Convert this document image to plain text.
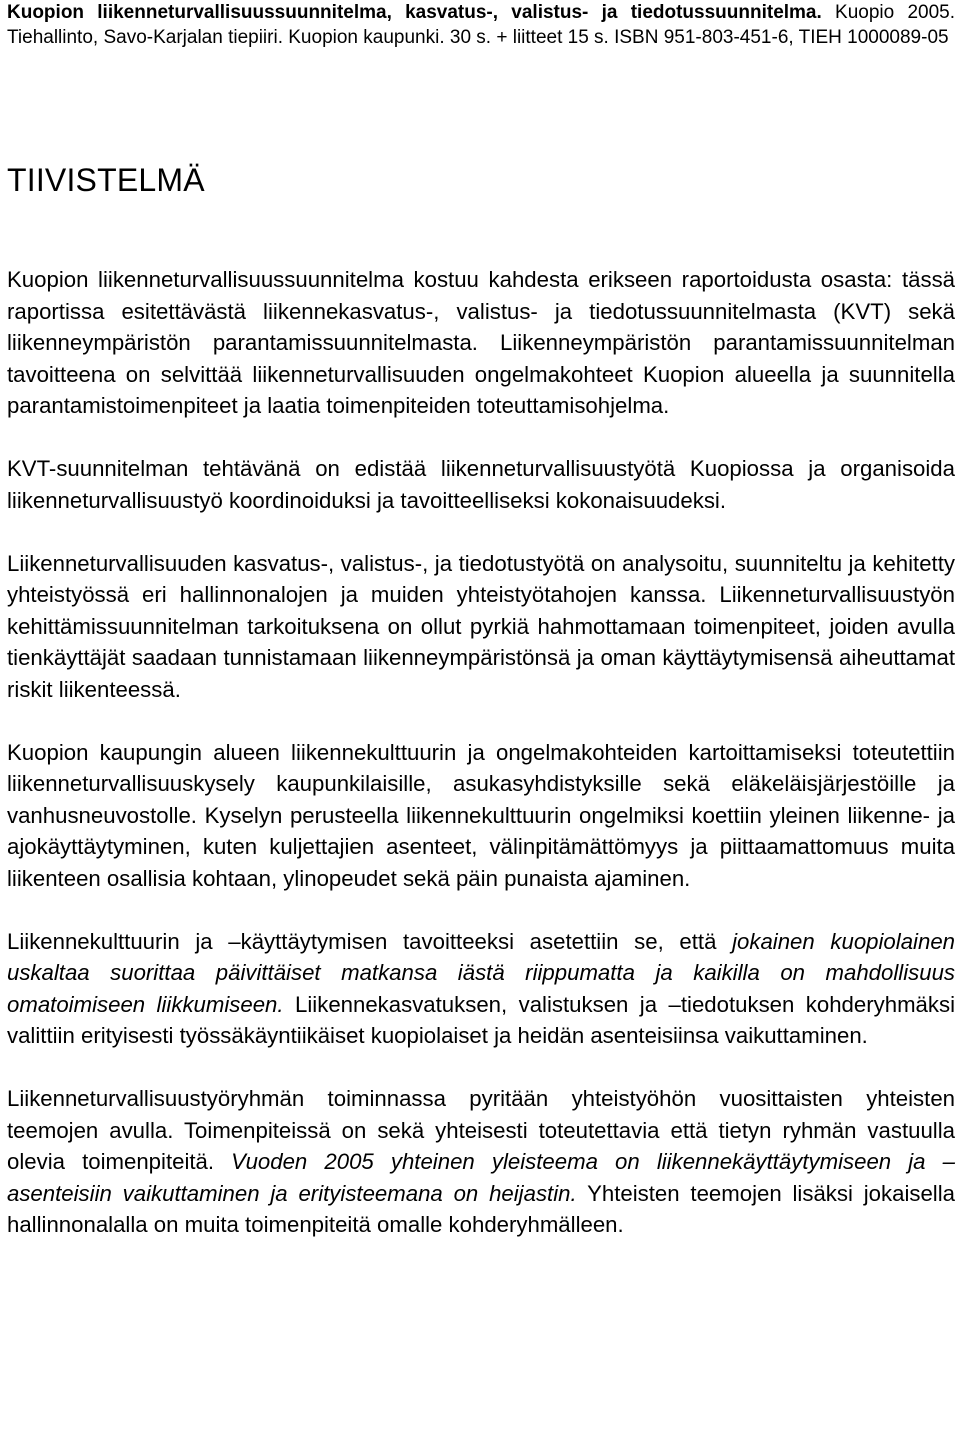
Kuopion liikenneturvallisuussuunnitelma, kasvatus-, valistus- ja tiedotussuunnitelma. Kuopio 2005. Tiehallinto, Savo-Karjalan tiepiiri. Kuopion kaupunki. 30 s. + liitteet 15 s. ISBN 951-803-451-6, TIEH 1000089-05
TIIVISTELMÄ

Kuopion liikenneturvallisuussuunnitelma kostuu kahdesta erikseen raportoidusta osasta: tässä raportissa esitettävästä liikennekasvatus-, valistus- ja tiedotussuunnitelmasta (KVT) sekä liikenneympäristön parantamissuunnitelmasta. Liikenneympäristön parantamissuunnitelman tavoitteena on selvittää liikenneturvallisuuden ongelmakohteet Kuopion alueella ja suunnitella parantamistoimenpiteet ja laatia toimenpiteiden toteuttamisohjelma.

KVT-suunnitelman tehtävänä on edistää liikenneturvallisuustyötä Kuopiossa ja organisoida liikenneturvallisuustyö koordinoiduksi ja tavoitteelliseksi kokonaisuudeksi.

Liikenneturvallisuuden kasvatus-, valistus-, ja tiedotustyötä on analysoitu, suunniteltu ja kehitetty yhteistyössä eri hallinnonalojen ja muiden yhteistyötahojen kanssa. Liikenneturvallisuustyön kehittämissuunnitelman tarkoituksena on ollut pyrkiä hahmottamaan toimenpiteet, joiden avulla tienkäyttäjät saadaan tunnistamaan liikenneympäristönsä ja oman käyttäytymisensä aiheuttamat riskit liikenteessä.

Kuopion kaupungin alueen liikennekulttuurin ja ongelmakohteiden kartoittamiseksi toteutettiin liikenneturvallisuuskysely kaupunkilaisille, asukasyhdistyksille sekä eläkeläisjärjestöille ja vanhusneuvostolle. Kyselyn perusteella liikennekulttuurin ongelmiksi koettiin yleinen liikenne- ja ajokäyttäytyminen, kuten kuljettajien asenteet, välinpitämättömyys ja piittaamattomuus muita liikenteen osallisia kohtaan, ylinopeudet sekä päin punaista ajaminen.

Liikennekulttuurin ja –käyttäytymisen tavoitteeksi asetettiin se, että jokainen kuopiolainen uskaltaa suorittaa päivittäiset matkansa iästä riippumatta ja kaikilla on mahdollisuus omatoimiseen liikkumiseen. Liikennekasvatuksen, valistuksen ja –tiedotuksen kohderyhmäksi valittiin erityisesti työssäkäyntiikäiset kuopiolaiset ja heidän asenteisiinsa vaikuttaminen.

Liikenneturvallisuustyöryhmän toiminnassa pyritään yhteistyöhön vuosittaisten yhteisten teemojen avulla. Toimenpiteissä on sekä yhteisesti toteutettavia että tietyn ryhmän vastuulla olevia toimenpiteitä. Vuoden 2005 yhteinen yleisteema on liikennekäyttäytymiseen ja –asenteisiin vaikuttaminen ja erityisteemana on heijastin. Yhteisten teemojen lisäksi jokaisella hallinnonalalla on muita toimenpiteitä omalle kohderyhmälleen.
